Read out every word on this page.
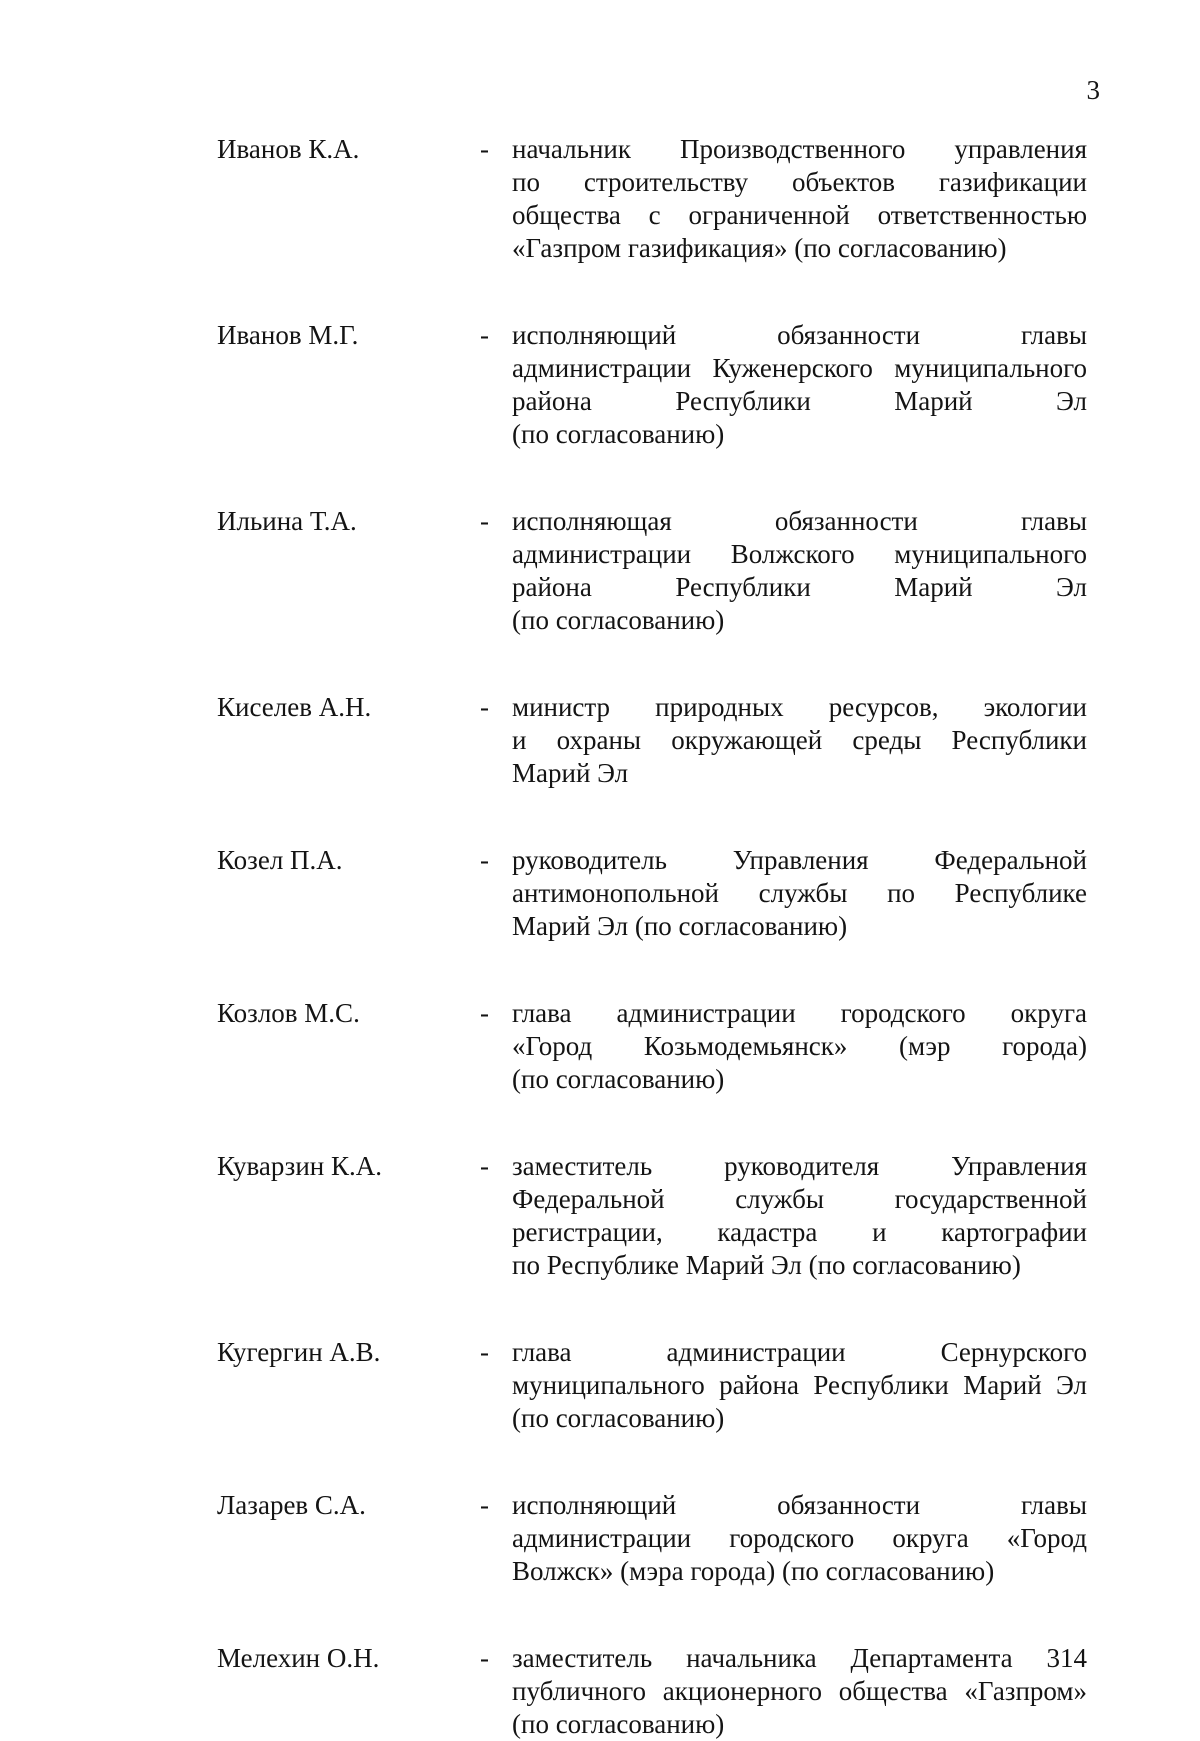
3
Иванов К.А.	- начальник Производственного управления
по строительству объектов газификации
общества с ограниченной ответственностью
«Газпром газификация» (по согласованию)
Иванов М.Г.	- исполняющий обязанности главы
администрации Куженерского муниципального
района Республики Марий Эл
(по согласованию)
Ильина Т.А.	- исполняющая обязанности главы
администрации Волжского муниципального
района Республики Марий Эл
(по согласованию)
Киселев А.Н.	- министр природных ресурсов, экологии
и охраны окружающей среды Республики
Марий Эл
Козел П.А.	- руководитель Управления Федеральной
антимонопольной службы по Республике
Марий Эл (по согласованию)
Козлов М.С.	- глава администрации городского округа
«Город Козьмодемьянск» (мэр города)
(по согласованию)
Куварзин К.А.	- заместитель руководителя Управления
Федеральной службы государственной
регистрации, кадастра и картографии
по Республике Марий Эл (по согласованию)
Кугергин А.В.	- глава администрации Сернурского
муниципального района Республики Марий Эл
(по согласованию)
Лазарев С.А.	- исполняющий обязанности главы
администрации городского округа «Город
Волжск» (мэра города) (по согласованию)
Мелехин О.Н.	- заместитель начальника Департамента 314
публичного акционерного общества «Газпром»
(по согласованию)
